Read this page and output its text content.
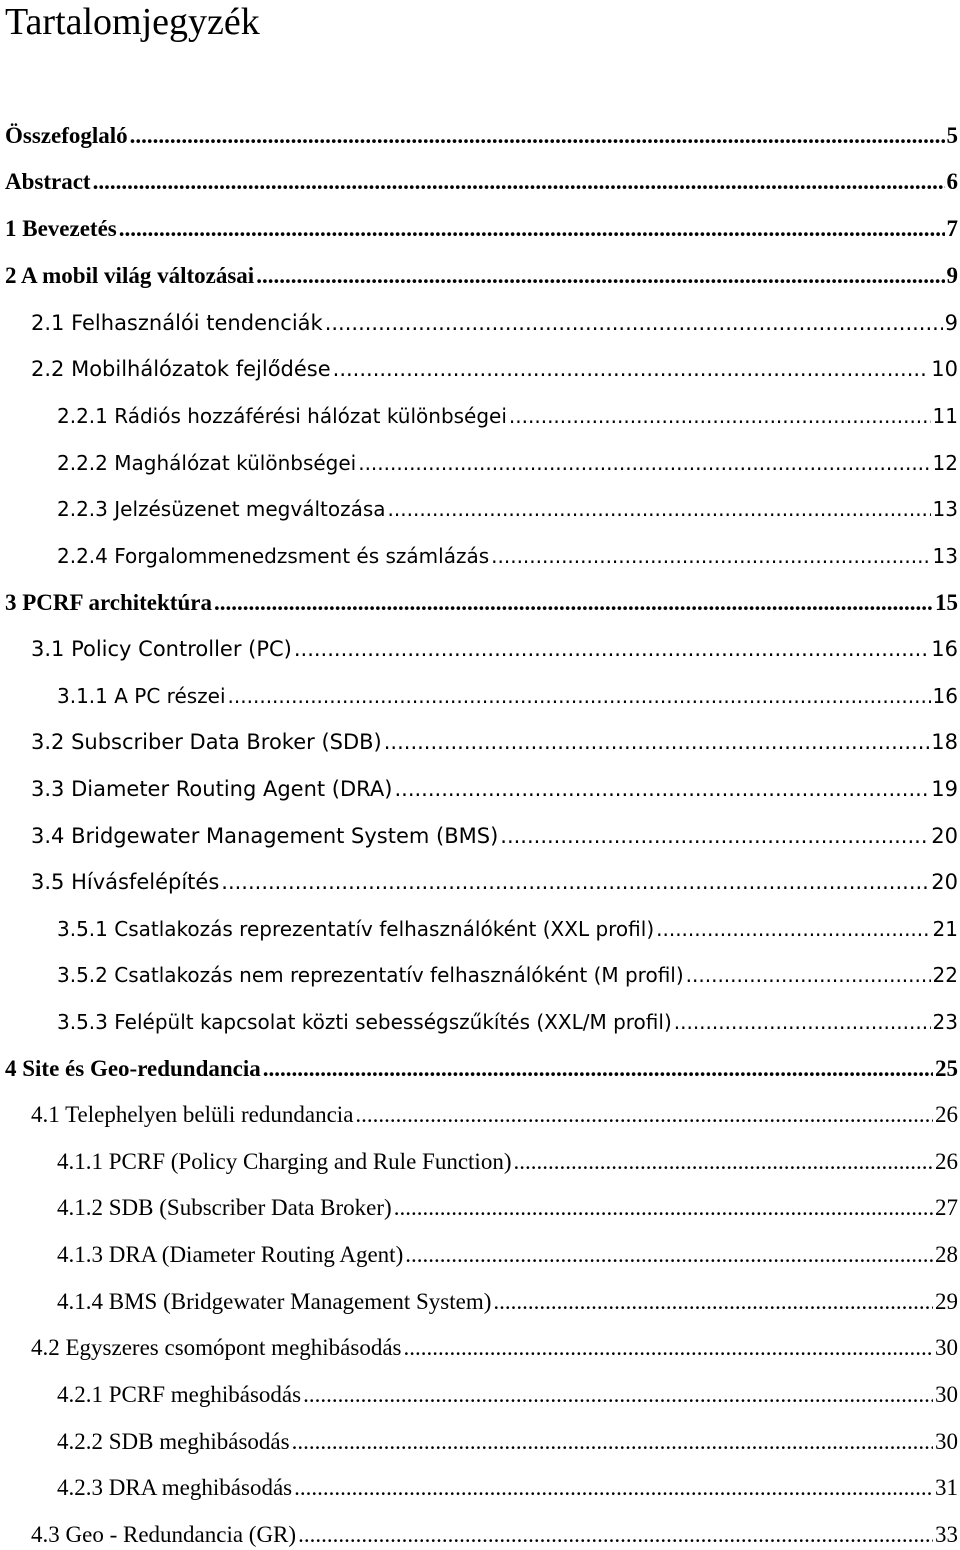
Tartalomjegyzék
Összefoglaló .....	5
Abstract .....	6
1 Bevezetés .....	7
2 A mobil világ változásai .....	9
2.1 Felhasználói tendenciák .....	9
2.2 Mobilhálózatok fejlődése .....	10
2.2.1 Rádiós hozzáférési hálózat különbségei .....	11
2.2.2 Maghálózat különbségei .....	12
2.2.3 Jelzésüzenet megváltozása .....	13
2.2.4 Forgalommenedzsment és számlázás .....	13
3 PCRF architektúra .....	15
3.1 Policy Controller (PC) .....	16
3.1.1 A PC részei .....	16
3.2 Subscriber Data Broker (SDB) .....	18
3.3 Diameter Routing Agent (DRA) .....	19
3.4 Bridgewater Management System (BMS) .....	20
3.5 Hívásfelépítés .....	20
3.5.1 Csatlakozás reprezentatív felhasználóként (XXL profil) .....	21
3.5.2 Csatlakozás nem reprezentatív felhasználóként (M profil) .....	22
3.5.3 Felépült kapcsolat közti sebességszűkítés (XXL/M profil) .....	23
4 Site és Geo-redundancia .....	25
4.1 Telephelyen belüli redundancia .....	26
4.1.1 PCRF (Policy Charging and Rule Function) .....	26
4.1.2 SDB (Subscriber Data Broker) .....	27
4.1.3 DRA (Diameter Routing Agent) .....	28
4.1.4 BMS (Bridgewater Management System) .....	29
4.2 Egyszeres csomópont meghibásodás .....	30
4.2.1 PCRF meghibásodás .....	30
4.2.2 SDB meghibásodás .....	30
4.2.3 DRA meghibásodás .....	31
4.3 Geo - Redundancia (GR) .....	33
